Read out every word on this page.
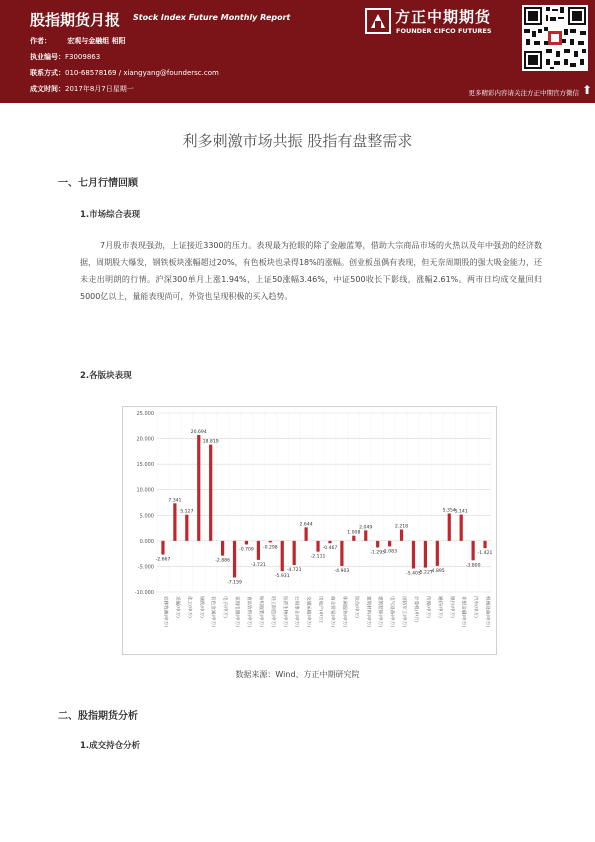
股指期货月报 Stock Index Future Monthly Report
作者： 宏观与金融组 相阳
执业编号：F3009863
联系方式：010-68578169 / xiangyang@foundersc.com
成文时间：2017年8月7日星期一
方正中期期货
FOUNDER CIFCO FUTURES
更多精彩内容请关注方正中期官方微信 ⬆
利多刺激市场共振 股指有盘整需求
一、七月行情回顾
1.市场综合表现
7月股市表现强劲，上证接近3300的压力。表现最为抢眼的除了金融蓝筹，借助大宗商品市场的火热以及年中强劲的经济数据，周期股大爆发，钢铁板块涨幅超过20%，有色板块也录得18%的涨幅。创业板虽偶有表现，但无奈周期股的强大吸金能力，还未走出明朗的行情。沪深300单月上涨1.94%，上证50涨幅3.46%，中证500收长下影线，涨幅2.61%。两市日均成交量回归5000亿以上，量能表现尚可，外资也呈现积极的买入趋势。
2.各版块表现
-10.000
-5.000
0.000
5.000
10.000
15.000
20.000
25.000
-2.667
7.341
5.127
20.694
18.819
-2.886
-7.159
-0.709
-3.721
-0.298
-5.931
-4.721
2.644
-2.111
-0.467
-4.903
1.008
2.049
-1.293
-1.083
2.218
-5.403
-5.227
-4.895
5.354
5.141
-3.800
-1.421
农林牧渔(申万)	采掘(申万)	化工(申万)	钢铁(申万)	有色金属(申万)	电子(申万)	家用电器(申万)	食品饮料(申万)	纺织服装(申万)	轻工制造(申万)	医药生物(申万)	公用事业(申万)	交通运输(申万)	房地产(申万)	商业贸易(申万)	休闲服务(申万)	综合(申万)	建筑材料(申万)	建筑装饰(申万)	电气设备(申万)	国防军工(申万)	计算机(申万)	传媒(申万)	通信(申万)	银行(申万)	非银金融(申万)	汽车(申万)	机械设备(申万)
数据来源：Wind、方正中期研究院
二、股指期货分析
1.成交持仓分析
